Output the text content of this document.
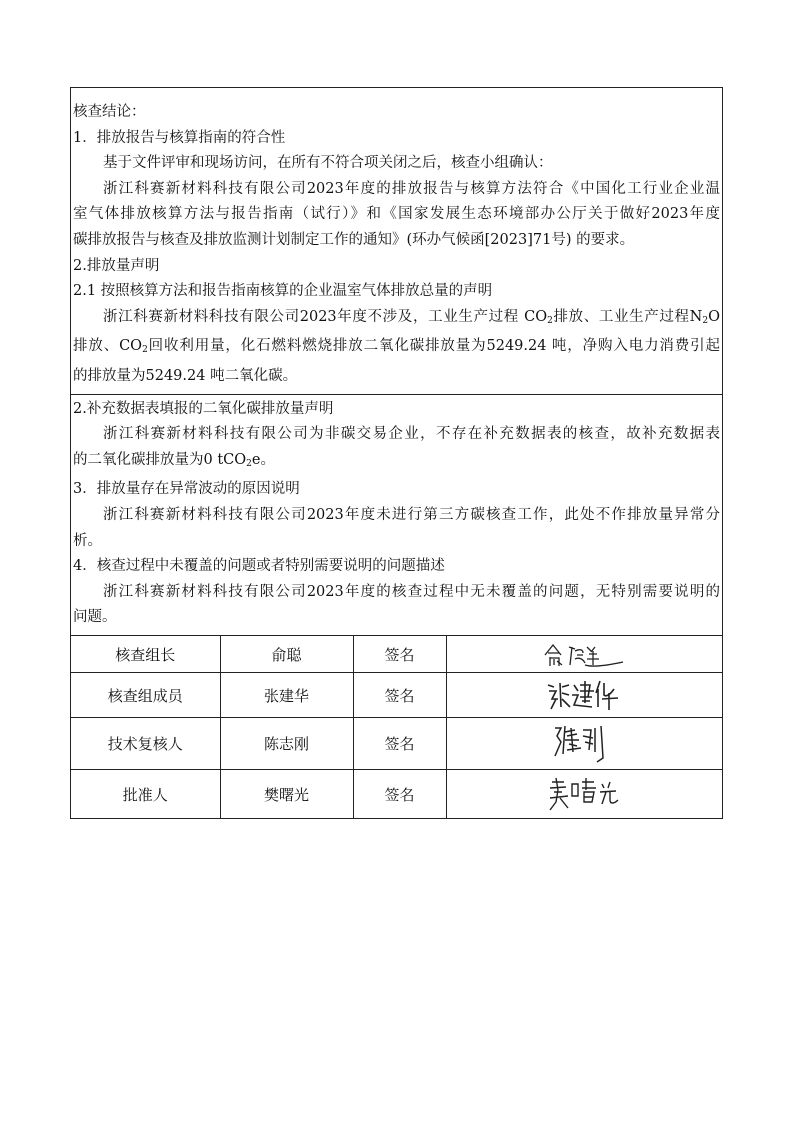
核查结论：
1．排放报告与核算指南的符合性
基于文件评审和现场访问，在所有不符合项关闭之后，核查小组确认：
浙江科赛新材料科技有限公司2023年度的排放报告与核算方法符合《中国化工行业企业温
室气体排放核算方法与报告指南（试行）》和《国家发展生态环境部办公厅关于做好2023年度
碳排放报告与核查及排放监测计划制定工作的通知》(环办气候函[2023]71号) 的要求。
2.排放量声明
2.1 按照核算方法和报告指南核算的企业温室气体排放总量的声明
浙江科赛新材料科技有限公司2023年度不涉及，工业生产过程 $CO_2$排放、工业生产过程$N_2O$
排放、$CO_2$回收利用量，化石燃料燃烧排放二氧化碳排放量为5249.24 吨，净购入电力消费引起
的排放量为5249.24 吨二氧化碳。
2.补充数据表填报的二氧化碳排放量声明
浙江科赛新材料科技有限公司为非碳交易企业，不存在补充数据表的核查，故补充数据表
的二氧化碳排放量为0 tCO$_2$e。
3．排放量存在异常波动的原因说明
浙江科赛新材料科技有限公司2023年度未进行第三方碳核查工作，此处不作排放量异常分
析。
4．核查过程中未覆盖的问题或者特别需要说明的问题描述
浙江科赛新材料科技有限公司2023年度的核查过程中无未覆盖的问题，无特别需要说明的
问题。
核查组长	俞聪	签名	
核查组成员	张建华	签名	
技术复核人	陈志刚	签名	
批准人	樊曙光	签名	
